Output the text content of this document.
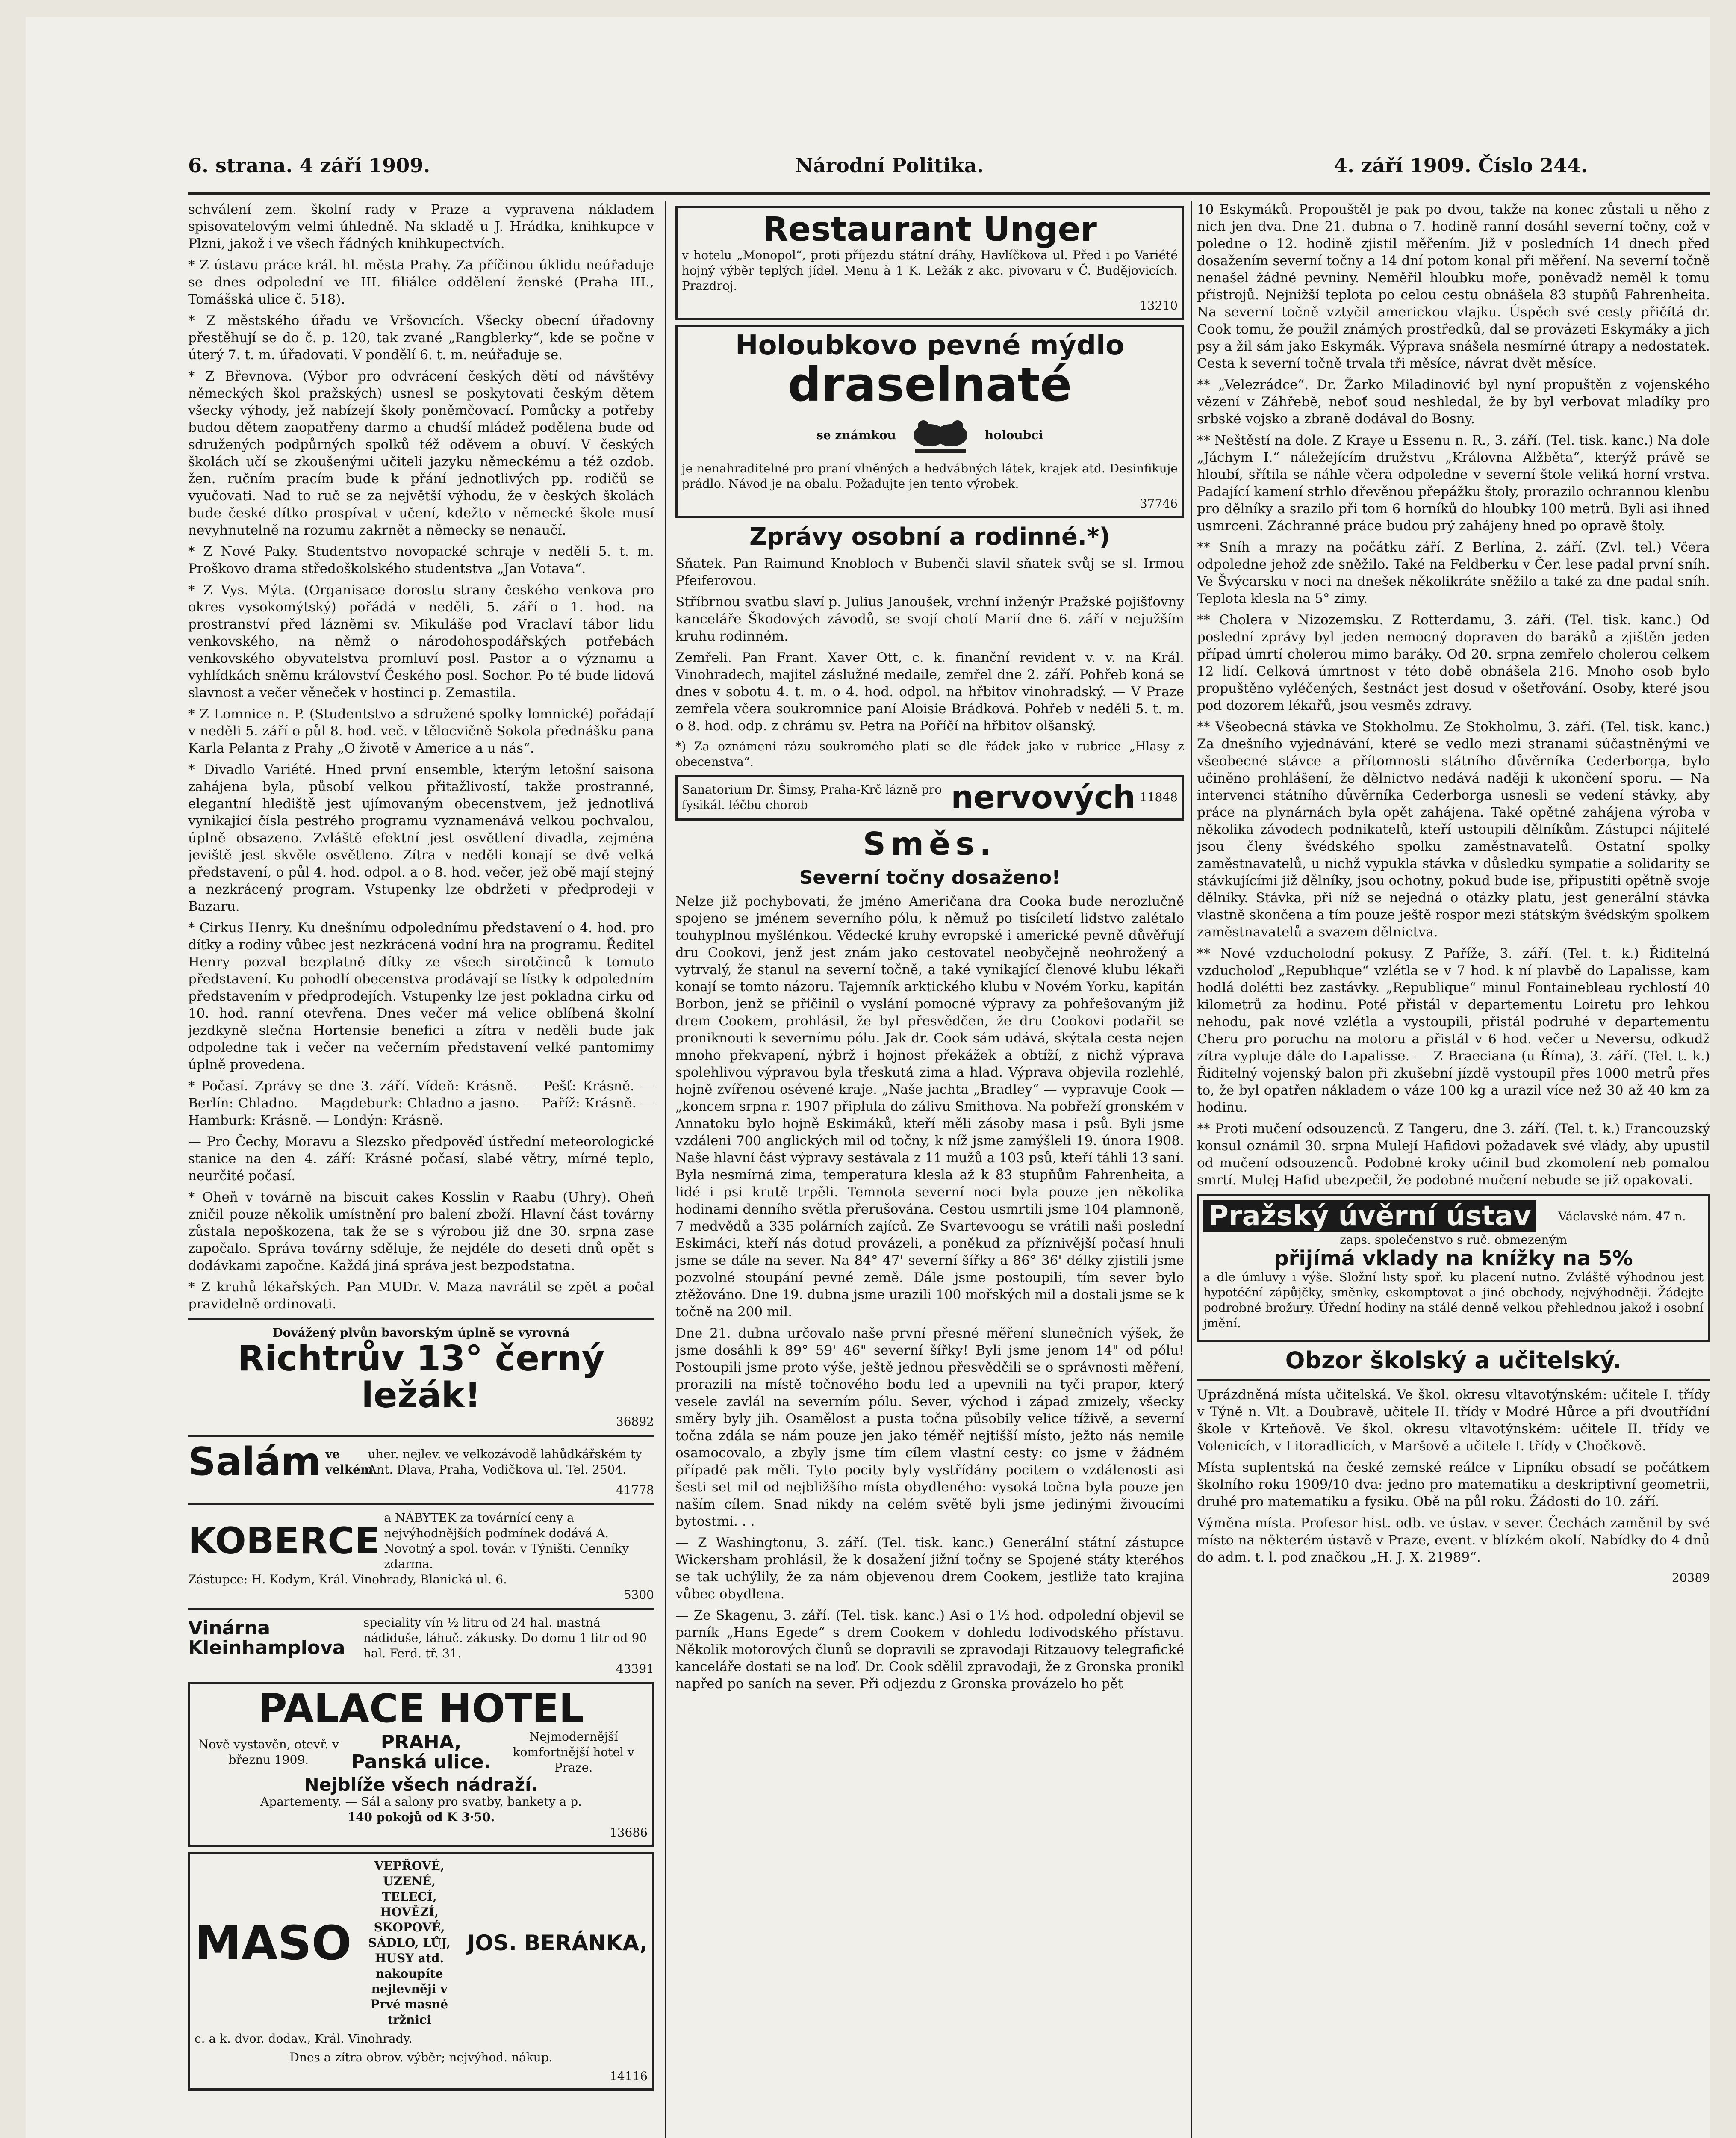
6. strana. 4 září 1909.	Národní Politika.	4. září 1909. Číslo 244.

schválení zem. školní rady v Praze a vypravena nákladem spisovatelovým velmi úhledně. Na skladě u J. Hrádka, knihkupce v Plzni, jakož i ve všech řádných knihkupectvích.

* Z ústavu práce král. hl. města Prahy. Za příčinou úklidu neúřaduje se dnes odpolední ve III. filiálce oddělení ženské (Praha III., Tomášská ulice č. 518).

* Z městského úřadu ve Vršovicích. Všecky obecní úřadovny přestěhují se do č. p. 120, tak zvané „Rangblerky“, kde se počne v úterý 7. t. m. úřadovati. V pondělí 6. t. m. neúřaduje se.

* Z Břevnova. (Výbor pro odvrácení českých dětí od návštěvy německých škol pražských) usnesl se poskytovati českým dětem všecky výhody, jež nabízejí školy poněmčovací. Pomůcky a potřeby budou dětem zaopatřeny darmo a chudší mládež podělena bude od sdružených podpůrných spolků též oděvem a obuví. V českých školách učí se zkoušenými učiteli jazyku německému a též ozdob. žen. ručním pracím bude k přání jednotlivých pp. rodičů se vyučovati. Nad to ruč se za největší výhodu, že v českých školách bude české dítko prospívat v učení, kdežto v německé škole musí nevyhnutelně na rozumu zakrnět a německy se nenaučí.

* Z Nové Paky. Studentstvo novopacké schraje v neděli 5. t. m. Proškovo drama středoškolského studentstva „Jan Votava“.

* Z Vys. Mýta. (Organisace dorostu strany českého venkova pro okres vysokomýtský) pořádá v neděli, 5. září o 1. hod. na prostranství před lázněmi sv. Mikuláše pod Vraclaví tábor lidu venkovského, na němž o národohospodářských potřebách venkovského obyvatelstva promluví posl. Pastor a o významu a vyhlídkách sněmu království Českého posl. Sochor. Po té bude lidová slavnost a večer věneček v hostinci p. Zemastila.

* Z Lomnice n. P. (Studentstvo a sdružené spolky lomnické) pořádají v neděli 5. září o půl 8. hod. več. v tělocvičně Sokola přednášku pana Karla Pelanta z Prahy „O životě v Americe a u nás“.

* Divadlo Variété. Hned první ensemble, kterým letošní saisona zahájena byla, působí velkou přitažlivostí, takže prostranné, elegantní hlediště jest ujímovaným obecenstvem, jež jednotlivá vynikající čísla pestrého programu vyznamenává velkou pochvalou, úplně obsazeno. Zvláště efektní jest osvětlení divadla, zejména jeviště jest skvěle osvětleno. Zítra v neděli konají se dvě velká představení, o půl 4. hod. odpol. a o 8. hod. večer, jež obě mají stejný a nezkrácený program. Vstupenky lze obdržeti v předprodeji v Bazaru.

* Cirkus Henry. Ku dnešnímu odpolednímu představení o 4. hod. pro dítky a rodiny vůbec jest nezkrácená vodní hra na programu. Ředitel Henry pozval bezplatně dítky ze všech sirotčinců k tomuto představení. Ku pohodlí obecenstva prodávají se lístky k odpoledním představením v předprodejích. Vstupenky lze jest pokladna cirku od 10. hod. ranní otevřena. Dnes večer má velice oblíbená školní jezdkyně slečna Hortensie benefici a zítra v neděli bude jak odpoledne tak i večer na večerním představení velké pantomimy úplně provedena.

* Počasí. Zprávy se dne 3. září. Vídeň: Krásně. — Pešť: Krásně. — Berlín: Chladno. — Magdeburk: Chladno a jasno. — Paříž: Krásně. — Hamburk: Krásně. — Londýn: Krásně.

— Pro Čechy, Moravu a Slezsko předpověď ústřední meteorologické stanice na den 4. září: Krásné počasí, slabé větry, mírné teplo, neurčité počasí.

* Oheň v továrně na biscuit cakes Kosslin v Raabu (Uhry). Oheň zničil pouze několik umístnění pro balení zboží. Hlavní část továrny zůstala nepoškozena, tak že se s výrobou již dne 30. srpna zase započalo. Správa továrny sděluje, že nejdéle do deseti dnů opět s dodávkami započne. Každá jiná správa jest bezpodstatna.

* Z kruhů lékařských. Pan MUDr. V. Maza navrátil se zpět a počal pravidelně ordinovati.

Dovážený plvůn bavorským úplně se vyrovná
Richtrův 13° černý ležák!
36892
Salám ve velkém
uher. nejlev. ve velkozávodě lahůdkářském ty Ant. Dlava, Praha, Vodičkova ul. Tel. 2504.
41778
KOBERCE
a NÁBYTEK za továrnící ceny a nejvýhodnějších podmínek dodává A. Novotný a spol. továr. v Týništi. Cenníky zdarma.
Zástupce: H. Kodym, Král. Vinohrady, Blanická ul. 6.
5300
Vinárna Kleinhamplova
speciality vín ½ litru od 24 hal. mastná nádiduše, láhuč. zákusky. Do domu 1 litr od 90 hal. Ferd. tř. 31.
43391
PALACE HOTEL
Nově vystavěn, otevř. v březnu 1909.
PRAHA, Panská ulice.
Nejmodernější komfortnější hotel v Praze.
Nejblíže všech nádraží.
Apartementy. — Sál a salony pro svatby, bankety a p.
140 pokojů od K 3·50.
13686
MASO
VEPŘOVÉ, UZENÉ, TELECÍ, HOVĚZÍ, SKOPOVÉ, SÁDLO, LŮJ, HUSY atd. nakoupíte nejlevněji v Prvé masné tržnici
JOS. BERÁNKA,
c. a k. dvor. dodav., Král. Vinohrady.
Dnes a zítra obrov. výběr; nejvýhod. nákup.
14116
Restaurant Unger

v hotelu „Monopol“, proti příjezdu státní dráhy, Havlíčkova ul. Před i po Variété hojný výběr teplých jídel. Menu à 1 K. Ležák z akc. pivovaru v Č. Budějovicích. Prazdroj.

13210
Holoubkovo pevné mýdlo
draselnaté
se známkou	holoubci

je nenahraditelné pro praní vlněných a hedvábných látek, krajek atd. Desinfikuje prádlo. Návod je na obalu. Požadujte jen tento výrobek.

37746
Zprávy osobní a rodinné.*)

Sňatek. Pan Raimund Knobloch v Bubenči slavil sňatek svůj se sl. Irmou Pfeiferovou.

Stříbrnou svatbu slaví p. Julius Janoušek, vrchní inženýr Pražské pojišťovny kanceláře Škodových závodů, se svojí chotí Marií dne 6. září v nejužším kruhu rodinném.

Zemřeli. Pan Frant. Xaver Ott, c. k. finanční revident v. v. na Král. Vinohradech, majitel záslužné medaile, zemřel dne 2. září. Pohřeb koná se dnes v sobotu 4. t. m. o 4. hod. odpol. na hřbitov vinohradský. — V Praze zemřela včera soukromnice paní Aloisie Brádková. Pohřeb v neděli 5. t. m. o 8. hod. odp. z chrámu sv. Petra na Poříčí na hřbitov olšanský.

*) Za oznámení rázu soukromého platí se dle řádek jako v rubrice „Hlasy z obecenstva“.

Sanatorium Dr. Šimsy, Praha-Krč lázně pro fysikál. léčbu chorob	nervových 11848
Směs.
Severní točny dosaženo!

Nelze již pochybovati, že jméno Američana dra Cooka bude nerozlučně spojeno se jménem severního pólu, k němuž po tisíciletí lidstvo zalétalo touhyplnou myšlénkou. Vědecké kruhy evropské i americké pevně důvěřují dru Cookovi, jenž jest znám jako cestovatel neobyčejně neohrožený a vytrvalý, že stanul na severní točně, a také vynikající členové klubu lékaři konají se tomto názoru. Tajemník arktického klubu v Novém Yorku, kapitán Borbon, jenž se přičinil o vyslání pomocné výpravy za pohřešovaným již drem Cookem, prohlásil, že byl přesvědčen, že dru Cookovi podařit se proniknouti k severnímu pólu. Jak dr. Cook sám udává, skýtala cesta nejen mnoho překvapení, nýbrž i hojnost překážek a obtíží, z nichž výprava spolehlivou výpravou byla třeskutá zima a hlad. Výprava objevila rozlehlé, hojně zvířenou osévené kraje. „Naše jachta „Bradley“ — vypravuje Cook — „koncem srpna r. 1907 připlula do zálivu Smithova. Na pobřeží gronském v Annatoku bylo hojně Eskimáků, kteří měli zásoby masa i psů. Byli jsme vzdáleni 700 anglických mil od točny, k níž jsme zamýšleli 19. února 1908. Naše hlavní část výpravy sestávala z 11 mužů a 103 psů, kteří táhli 13 saní. Byla nesmírná zima, temperatura klesla až k 83 stupňům Fahrenheita, a lidé i psi krutě trpěli. Temnota severní noci byla pouze jen několika hodinami denního světla přerušována. Cestou usmrtili jsme 104 plamnoně, 7 medvědů a 335 polárních zajíců. Ze Svartevoogu se vrátili naši poslední Eskimáci, kteří nás dotud provázeli, a poněkud za příznivější počasí hnuli jsme se dále na sever. Na 84° 47' severní šířky a 86° 36' délky zjistili jsme pozvolné stoupání pevné země. Dále jsme postoupili, tím sever bylo ztěžováno. Dne 19. dubna jsme urazili 100 mořských mil a dostali jsme se k točně na 200 mil.

Dne 21. dubna určovalo naše první přesné měření slunečních výšek, že jsme dosáhli k 89° 59' 46" severní šířky! Byli jsme jenom 14" od pólu! Postoupili jsme proto výše, ještě jednou přesvědčili se o správnosti měření, prorazili na místě točnového bodu led a upevnili na tyči prapor, který vesele zavlál na severním pólu. Sever, východ i západ zmizely, všecky směry byly jih. Osamělost a pusta točna působily velice tíživě, a severní točna zdála se nám pouze jen jako téměř nejtišší místo, ježto nás nemile osamocovalo, a zbyly jsme tím cílem vlastní cesty: co jsme v žádném případě pak měli. Tyto pocity byly vystřídány pocitem o vzdálenosti asi šesti set mil od nejbližšího místa obydleného: vysoká točna byla pouze jen naším cílem. Snad nikdy na celém světě byli jsme jedinými živoucími bytostmi. . .

— Z Washingtonu, 3. září. (Tel. tisk. kanc.) Generální státní zástupce Wickersham prohlásil, že k dosažení jižní točny se Spojené státy kteréhos se tak uchýlily, že za nám objevenou drem Cookem, jestliže tato krajina vůbec obydlena.

— Ze Skagenu, 3. září. (Tel. tisk. kanc.) Asi o 1½ hod. odpolední objevil se parník „Hans Egede“ s drem Cookem v dohledu lodivodského přístavu. Několik motorových člunů se dopravili se zpravodaji Ritzauovy telegrafické kanceláře dostati se na loď. Dr. Cook sdělil zpravodaji, že z Gronska pronikl napřed po saních na sever. Při odjezdu z Gronska provázelo ho pět

10 Eskymáků. Propouštěl je pak po dvou, takže na konec zůstali u něho z nich jen dva. Dne 21. dubna o 7. hodině ranní dosáhl severní točny, což v poledne o 12. hodině zjistil měřením. Již v posledních 14 dnech před dosažením severní točny a 14 dní potom konal při měření. Na severní točně nenašel žádné pevniny. Neměřil hloubku moře, poněvadž neměl k tomu přístrojů. Nejnižší teplota po celou cestu obnášela 83 stupňů Fahrenheita. Na severní točně vztyčil americkou vlajku. Úspěch své cesty přičítá dr. Cook tomu, že použil známých prostředků, dal se provázeti Eskymáky a jich psy a žil sám jako Eskymák. Výprava snášela nesmírné útrapy a nedostatek. Cesta k severní točně trvala tři měsíce, návrat dvět měsíce.

** „Velezrádce“. Dr. Žarko Miladinović byl nyní propuštěn z vojenského vězení v Záhřebě, neboť soud neshledal, že by byl verbovat mladíky pro srbské vojsko a zbraně dodával do Bosny.

** Neštěstí na dole. Z Kraye u Essenu n. R., 3. září. (Tel. tisk. kanc.) Na dole „Jáchym I.“ náležejícím družstvu „Královna Alžběta“, kterýž právě se hloubí, sřítila se náhle včera odpoledne v severní štole veliká horní vrstva. Padající kamení strhlo dřevěnou přepážku štoly, prorazilo ochrannou klenbu pro dělníky a srazilo při tom 6 horníků do hloubky 100 metrů. Byli asi ihned usmrceni. Záchranné práce budou prý zahájeny hned po opravě štoly.

** Sníh a mrazy na počátku září. Z Berlína, 2. září. (Zvl. tel.) Včera odpoledne jehož zde sněžilo. Také na Feldberku v Čer. lese padal první sníh. Ve Švýcarsku v noci na dnešek několikráte sněžilo a také za dne padal sníh. Teplota klesla na 5° zimy.

** Cholera v Nizozemsku. Z Rotterdamu, 3. září. (Tel. tisk. kanc.) Od poslední zprávy byl jeden nemocný dopraven do baráků a zjištěn jeden případ úmrtí cholerou mimo baráky. Od 20. srpna zemřelo cholerou celkem 12 lidí. Celková úmrtnost v této době obnášela 216. Mnoho osob bylo propuštěno vyléčených, šestnáct jest dosud v ošetřování. Osoby, které jsou pod dozorem lékařů, jsou vesměs zdravy.

** Všeobecná stávka ve Stokholmu. Ze Stokholmu, 3. září. (Tel. tisk. kanc.) Za dnešního vyjednávání, které se vedlo mezi stranami súčastněnými ve všeobecné stávce a přítomnosti státního důvěrníka Cederborga, bylo učiněno prohlášení, že dělnictvo nedává naději k ukončení sporu. — Na intervenci státního důvěrníka Cederborga usnesli se vedení stávky, aby práce na plynárnách byla opět zahájena. Také opětné zahájena výroba v několika závodech podnikatelů, kteří ustoupili dělníkům. Zástupci nájitelé jsou členy švédského spolku zaměstnavatelů. Ostatní spolky zaměstnavatelů, u nichž vypukla stávka v důsledku sympatie a solidarity se stávkujícími již dělníky, jsou ochotny, pokud bude ise, připustiti opětně svoje dělníky. Stávka, při níž se nejedná o otázky platu, jest generální stávka vlastně skončena a tím pouze ještě rospor mezi státským švédským spolkem zaměstnavatelů a svazem dělnictva.

** Nové vzducholodní pokusy. Z Paříže, 3. září. (Tel. t. k.) Řiditelná vzducholoď „Republique“ vzlétla se v 7 hod. k ní plavbě do Lapalisse, kam hodlá dolétti bez zastávky. „Republique“ minul Fontainebleau rychlostí 40 kilometrů za hodinu. Poté přistál v departementu Loiretu pro lehkou nehodu, pak nové vzlétla a vystoupili, přistál podruhé v departementu Cheru pro poruchu na motoru a přistál v 6 hod. večer u Neversu, odkudž zítra vypluje dále do Lapalisse. — Z Braeciana (u Říma), 3. září. (Tel. t. k.) Řiditelný vojenský balon při zkušební jízdě vystoupil přes 1000 metrů přes to, že byl opatřen nákladem o váze 100 kg a urazil více než 30 až 40 km za hodinu.

** Proti mučení odsouzenců. Z Tangeru, dne 3. září. (Tel. t. k.) Francouzský konsul oznámil 30. srpna Mulejí Hafidovi požadavek své vlády, aby upustil od mučení odsouzenců. Podobné kroky učinil bud zkomolení neb pomalou smrtí. Mulej Hafid ubezpečil, že podobné mučení nebude se již opakovati.

Pražský úvěrní ústav	Václavské nám. 47 n.
zaps. společenstvo s ruč. obmezeným
přijímá vklady na knížky na 5%

a dle úmluvy i výše. Složní listy spoř. ku placení nutno. Zvláště výhodnou jest hypotéční zápůjčky, směnky, eskomptovat a jiné obchody, nejvýhodněji. Žádejte podrobné brožury. Úřední hodiny na stálé denně velkou přehlednou jakož i osobní jmění.

Obzor školský a učitelský.

Uprázdněná místa učitelská. Ve škol. okresu vltavotýnském: učitele I. třídy v Týně n. Vlt. a Doubravě, učitele II. třídy v Modré Hůrce a při dvoutřídní škole v Krteňově. Ve škol. okresu vltavotýnském: učitele II. třídy ve Volenicích, v Litoradlicích, v Maršově a učitele I. třídy v Chočkově.

Místa suplentská na české zemské reálce v Lipníku obsadí se počátkem školního roku 1909/10 dva: jedno pro matematiku a deskriptivní geometrii, druhé pro matematiku a fysiku. Obě na půl roku. Žádosti do 10. září.

Výměna místa. Profesor hist. odb. ve ústav. v sever. Čechách zaměnil by své místo na některém ústavě v Praze, event. v blízkém okolí. Nabídky do 4 dnů do adm. t. l. pod značkou „H. J. X. 21989“.

20389
